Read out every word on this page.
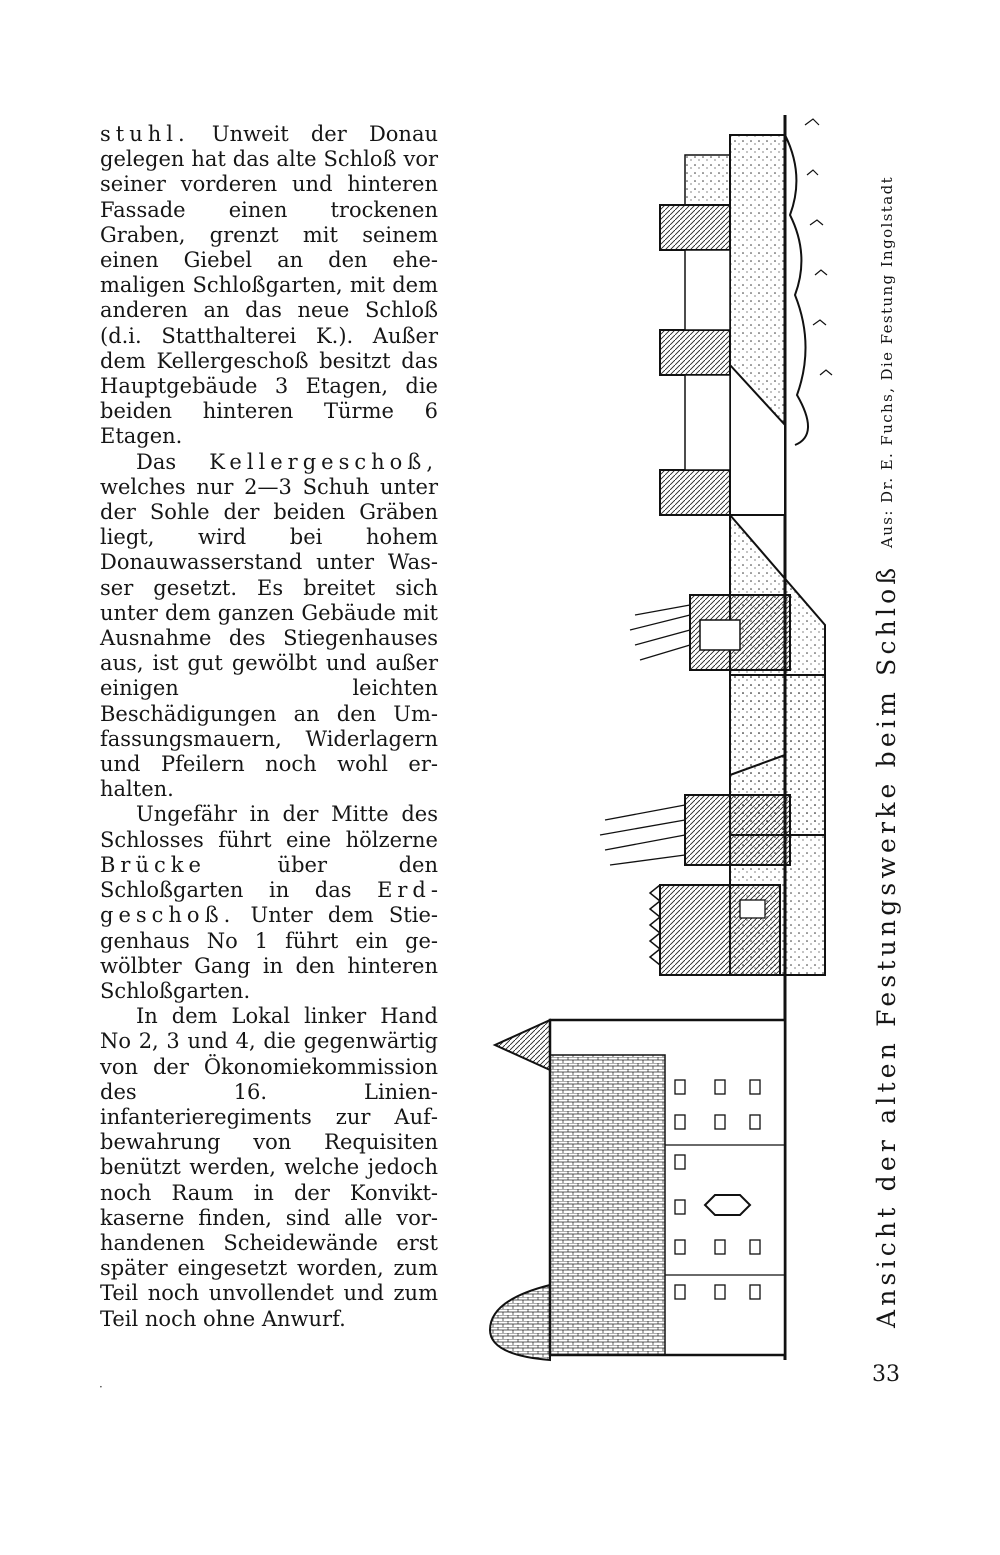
stuhl. Unweit der Donau gelegen hat das alte Schloß vor seiner vorderen und hinteren Fassade einen trockenen Graben, grenzt mit seinem einen Giebel an den ehemaligen Schloßgarten, mit dem anderen an das neue Schloß (d.i. Statthalterei K.). Außer dem Kellergeschoß besitzt das Hauptgebäude 3 Etagen, die beiden hinteren Türme 6 Etagen.

Das Kellergeschoß, welches nur 2—3 Schuh unter der Sohle der beiden Gräben liegt, wird bei hohem Donauwasserstand unter Wasser gesetzt. Es breitet sich unter dem ganzen Gebäude mit Ausnahme des Stiegenhauses aus, ist gut gewölbt und außer einigen leichten Beschädigungen an den Umfassungsmauern, Widerlagern und Pfeilern noch wohl erhalten.

Ungefähr in der Mitte des Schlosses führt eine hölzerne Brücke	über den Schloßgarten in das Erdgeschoß. Unter dem Stiegenhaus No 1 führt ein gewölbter Gang in den hinteren Schloßgarten.

In dem Lokal linker Hand No 2, 3 und 4, die gegenwärtig von der Ökonomiekommission des 16. Linieninfanterieregiments zur Aufbewahrung von Requisiten benützt werden, welche jedoch noch Raum in der Konviktkaserne finden, sind alle vorhandenen Scheidewände erst später eingesetzt worden, zum Teil noch unvollendet und zum Teil noch ohne Anwurf.	Ansicht der alten Festungswerke beim Schloß
Aus: Dr. E. Fuchs, Die Festung Ingolstadt
33
·
